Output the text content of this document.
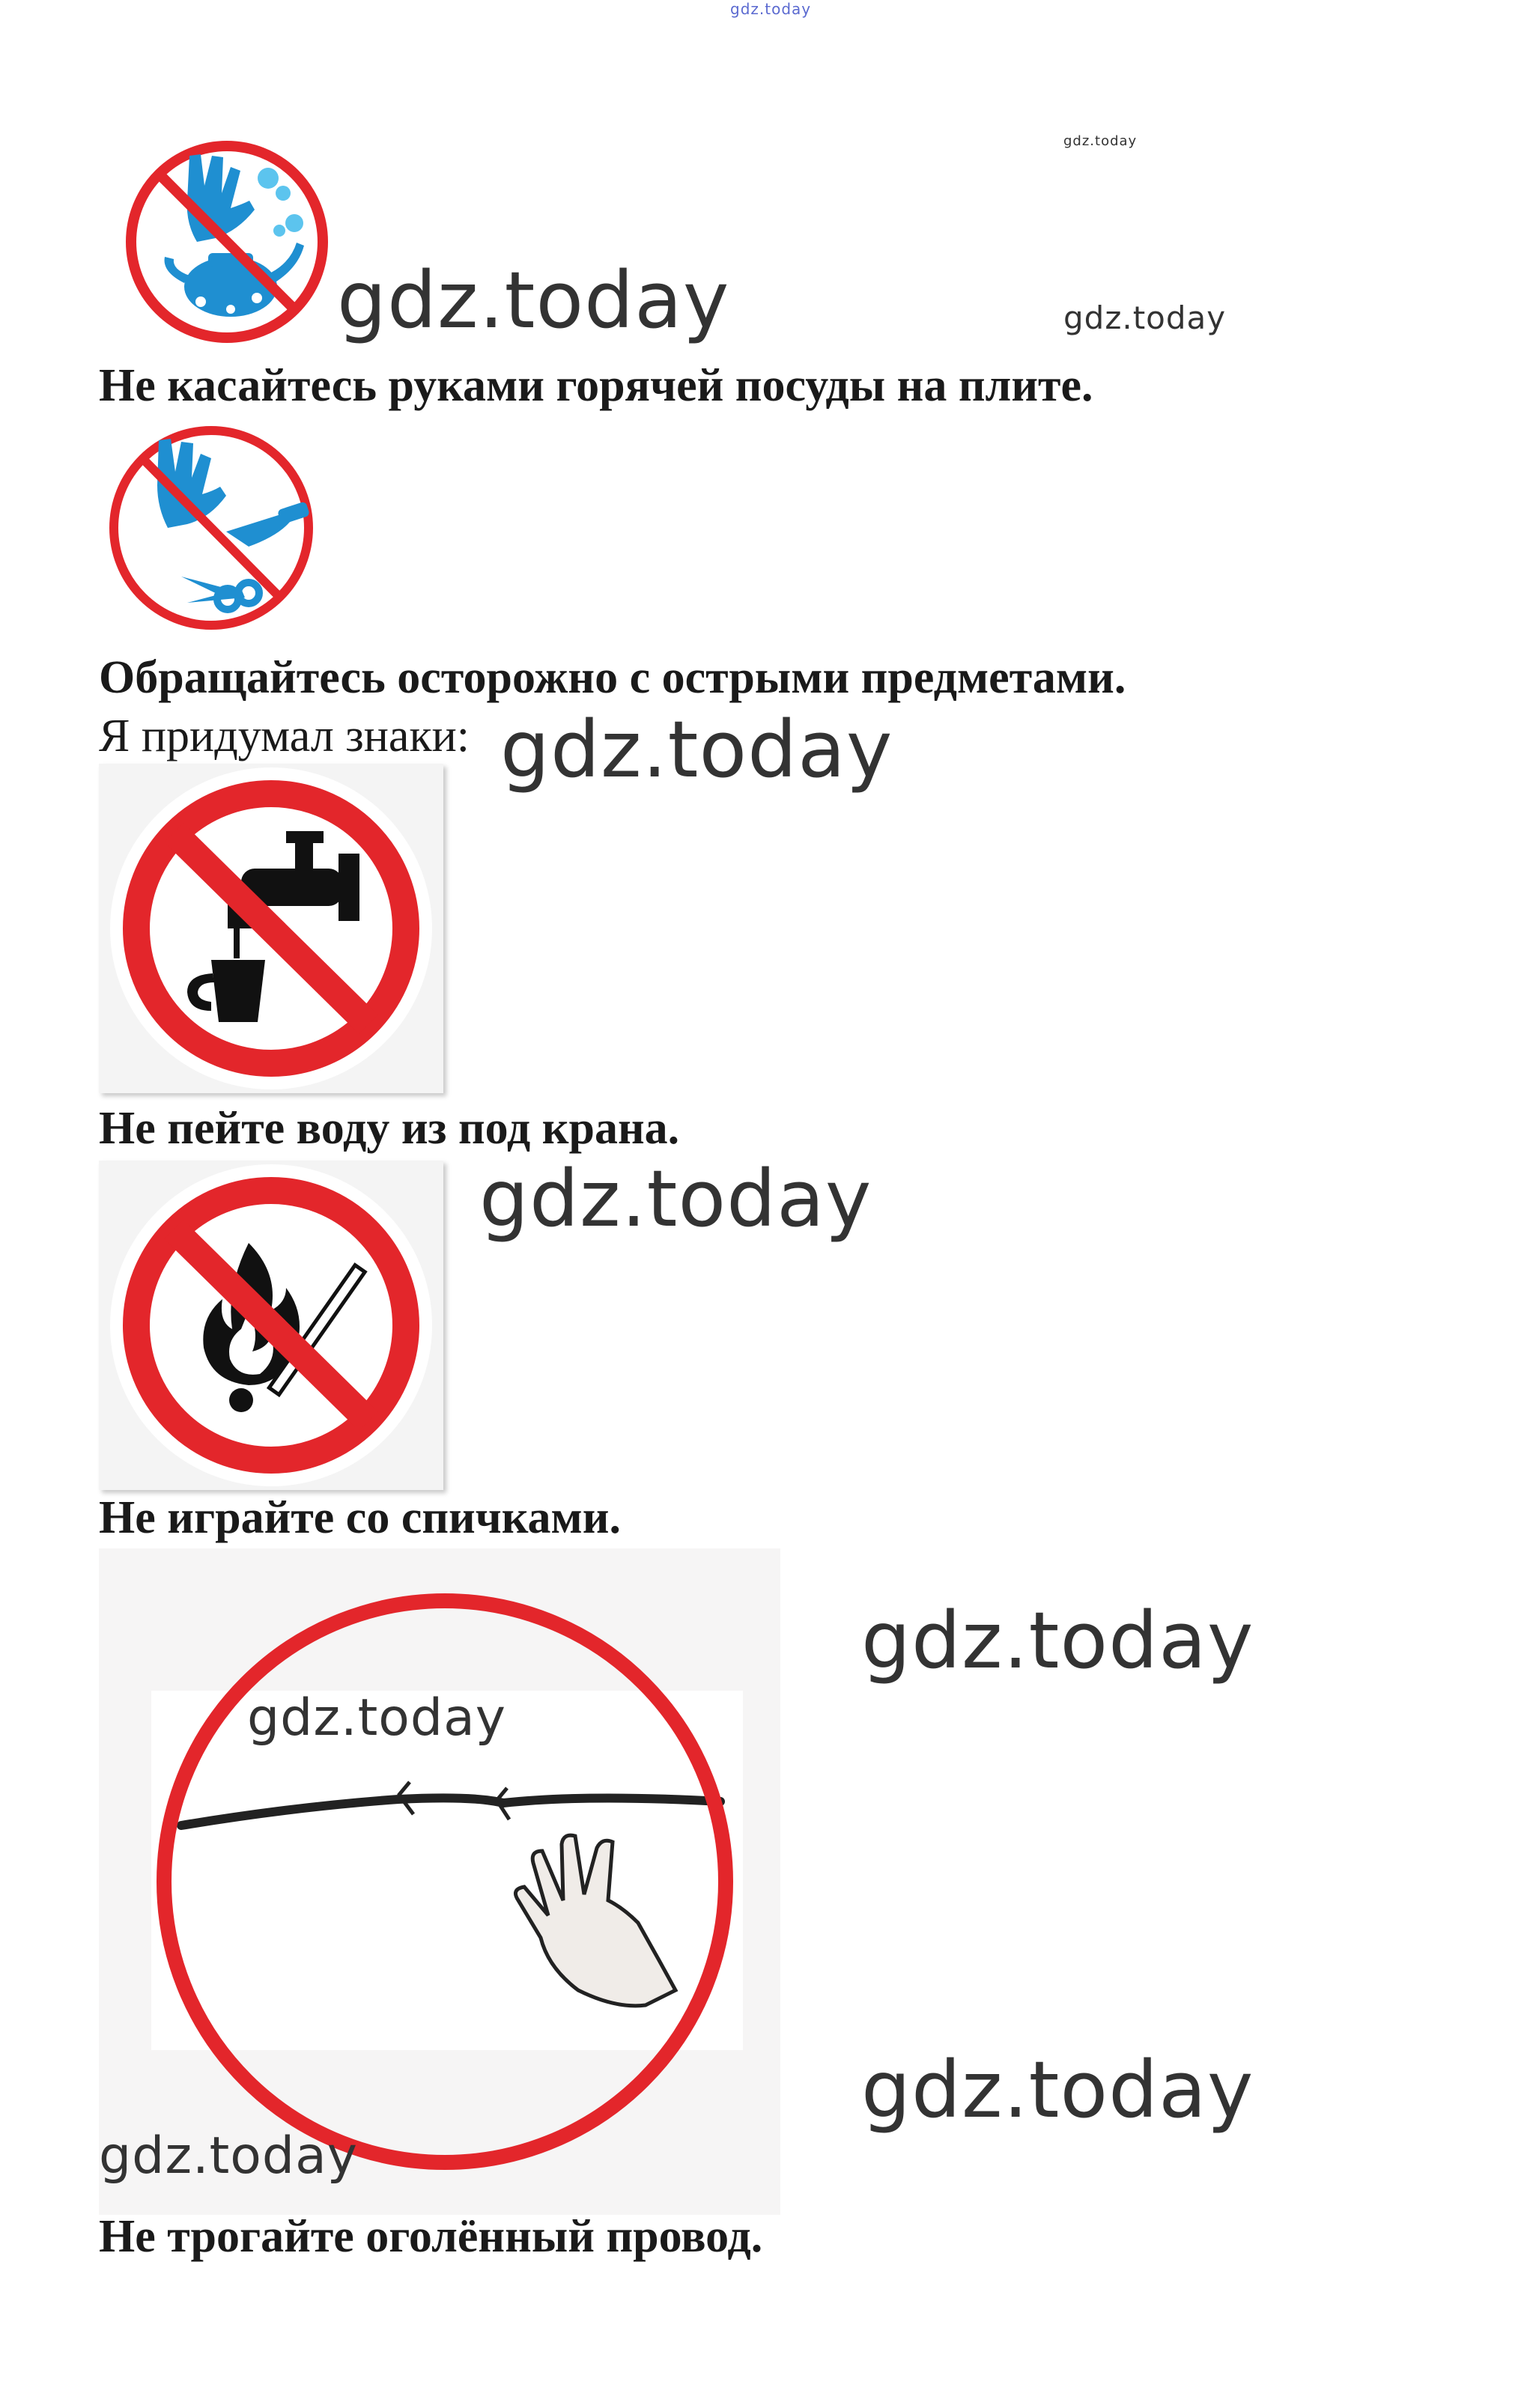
gdz.today
gdz.today
gdz.today	gdz.today
gdz.today
gdz.today
gdz.today
gdz.today
Не касайтесь руками горячей посуды на плите.
Обращайтесь осторожно с острыми предметами.
Я придумал знаки:
Не пейте воду из под крана.
Не играйте со спичками.
gdz.today
gdz.today
Не трогайте оголённый провод.
